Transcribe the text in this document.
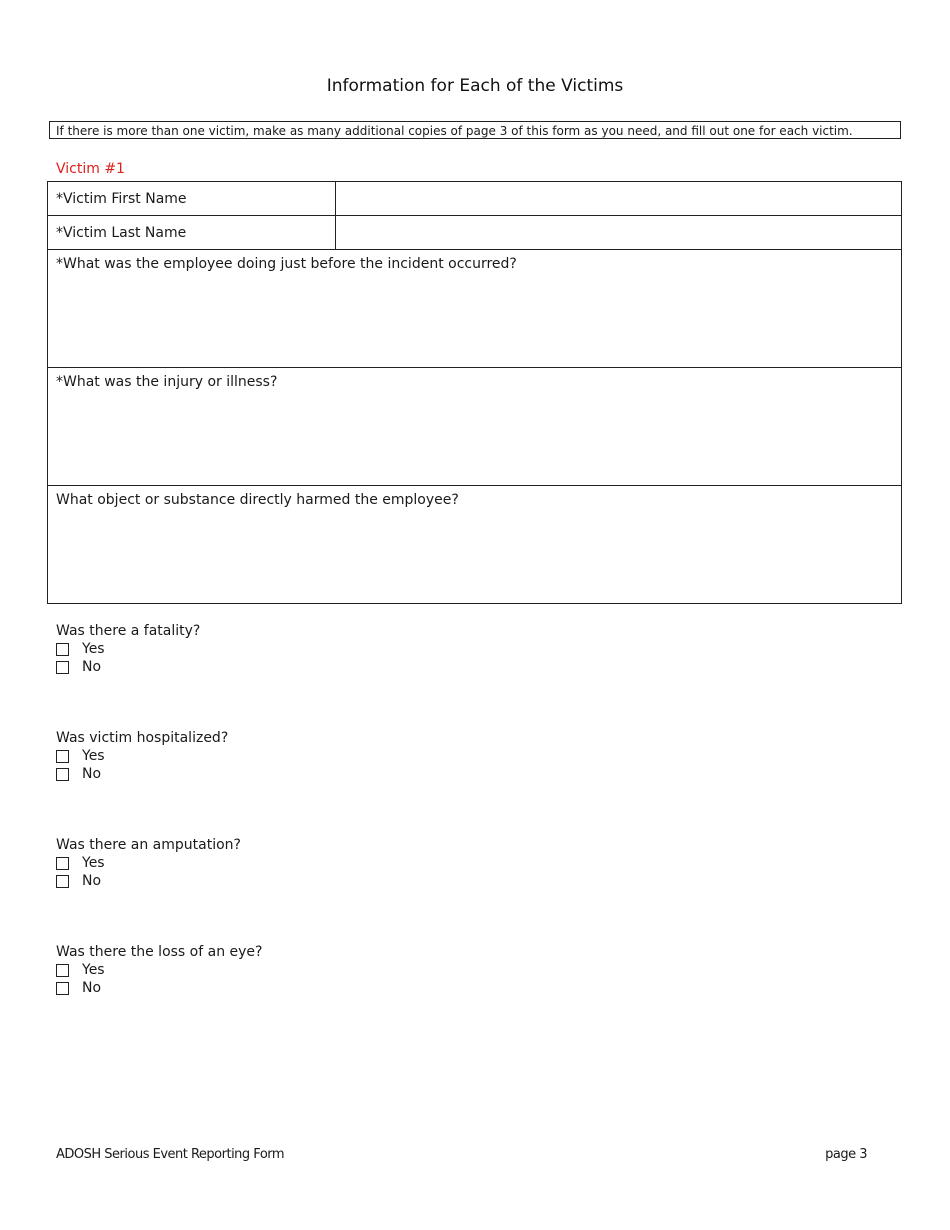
Information for Each of the Victims
If there is more than one victim, make as many additional copies of page 3 of this form as you need, and fill out one for each victim.
Victim #1
*Victim First Name	
*Victim Last Name	
*What was the employee doing just before the incident occurred?	

*What was the injury or illness?	

What object or substance directly harmed the employee?	
Was there a fatality?
Yes
No
Was victim hospitalized?
Yes
No
Was there an amputation?
Yes
No
Was there the loss of an eye?
Yes
No
ADOSH Serious Event Reporting Form	page 3
